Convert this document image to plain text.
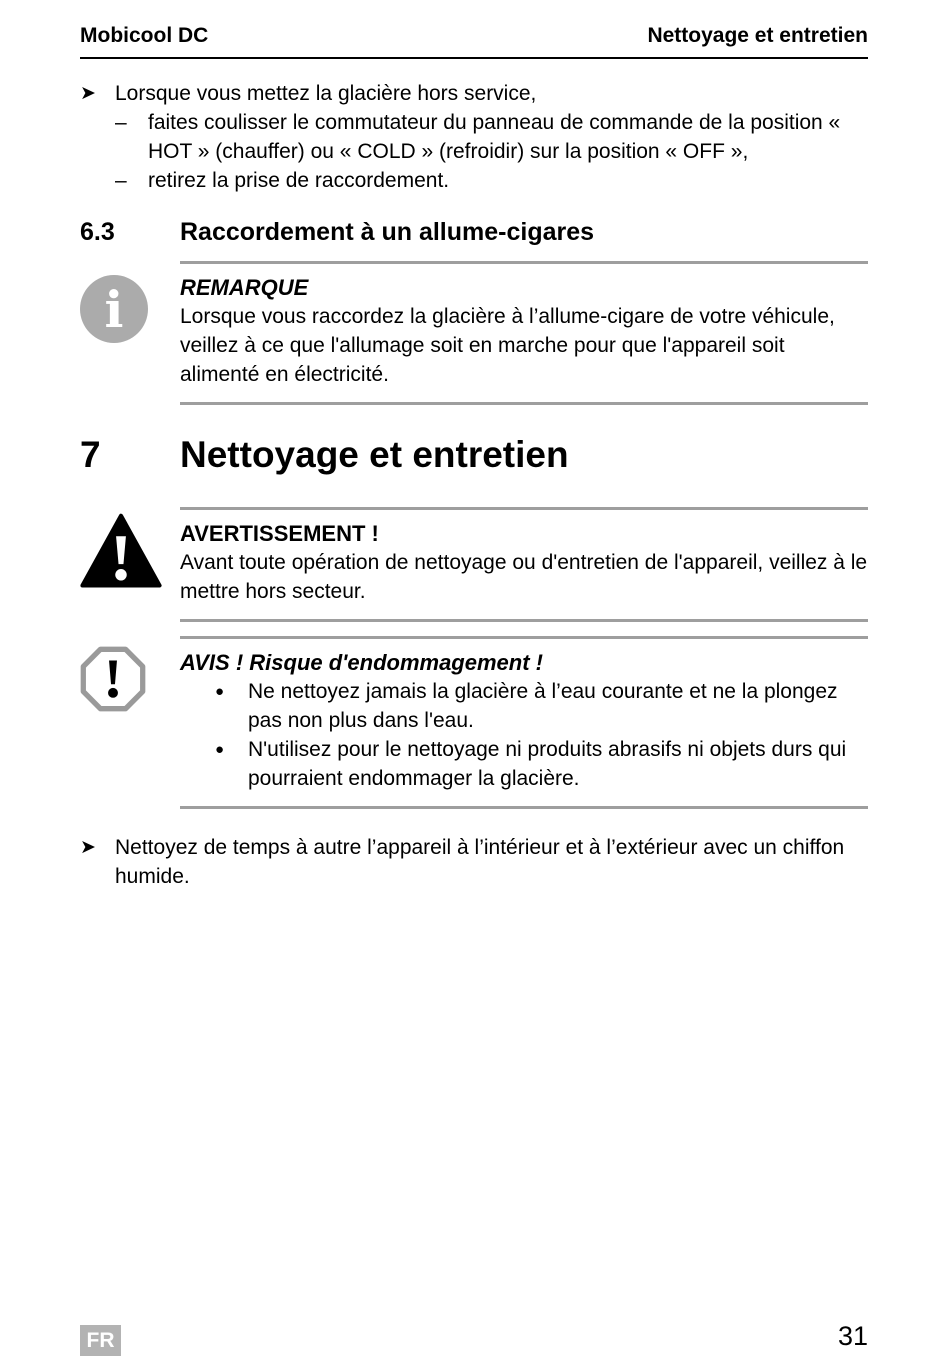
Mobicool DC	Nettoyage et entretien
➤ Lorsque vous mettez la glacière hors service,
–	faites coulisser le commutateur du panneau de commande de la position « HOT » (chauffer) ou « COLD » (refroidir) sur la position « OFF »,
–	retirez la prise de raccordement.
6.3	Raccordement à un allume-cigares
i	REMARQUE
Lorsque vous raccordez la glacière à l’allume-cigare de votre véhicule, veillez à ce que l'allumage soit en marche pour que l'appareil soit alimenté en électricité.
7	Nettoyage et entretien
AVERTISSEMENT !
Avant toute opération de nettoyage ou d'entretien de l'appareil, veillez à le mettre hors secteur.
AVIS ! Risque d'endommagement !
●	Ne nettoyez jamais la glacière à l’eau courante et ne la plongez pas non plus dans l'eau.
●	N'utilisez pour le nettoyage ni produits abrasifs ni objets durs qui pourraient endommager la glacière.
➤ Nettoyez de temps à autre l’appareil à l’intérieur et à l’extérieur avec un chiffon humide.
FR	31
